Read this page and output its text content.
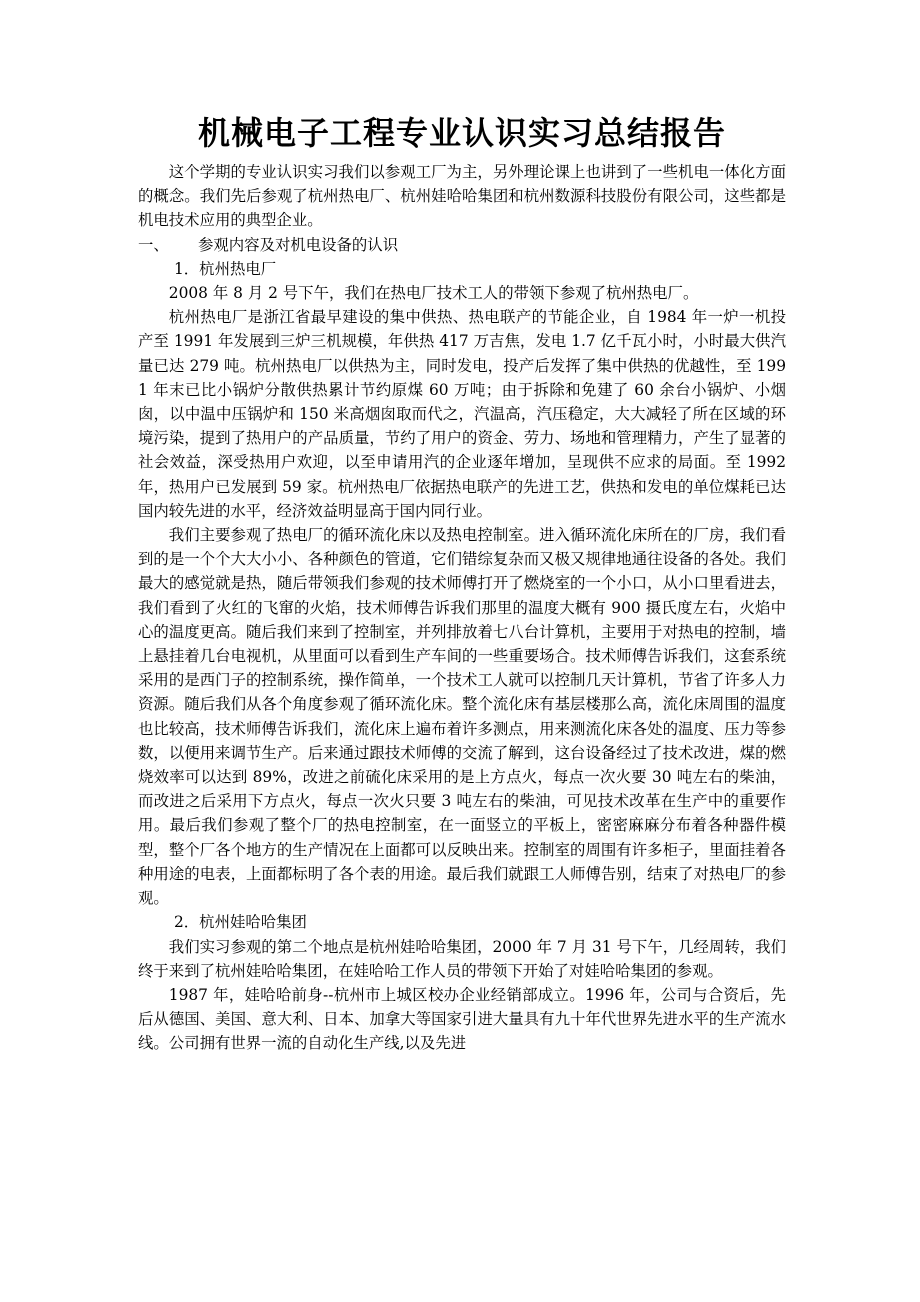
机械电子工程专业认识实习总结报告

这个学期的专业认识实习我们以参观工厂为主，另外理论课上也讲到了一些机电一体化方面的概念。我们先后参观了杭州热电厂、杭州娃哈哈集团和杭州数源科技股份有限公司，这些都是机电技术应用的典型企业。

一、	参观内容及对机电设备的认识
1．杭州热电厂

2008 年 8 月 2 号下午，我们在热电厂技术工人的带领下参观了杭州热电厂。

杭州热电厂是浙江省最早建设的集中供热、热电联产的节能企业，自 1984 年一炉一机投产至 1991 年发展到三炉三机规模，年供热 417 万吉焦，发电 1.7 亿千瓦小时，小时最大供汽量已达 279 吨。杭州热电厂以供热为主，同时发电，投产后发挥了集中供热的优越性，至 1991 年末已比小锅炉分散供热累计节约原煤 60 万吨；由于拆除和免建了 60 余台小锅炉、小烟囱，以中温中压锅炉和 150 米高烟囱取而代之，汽温高，汽压稳定，大大减轻了所在区域的环境污染，提到了热用户的产品质量，节约了用户的资金、劳力、场地和管理精力，产生了显著的社会效益，深受热用户欢迎，以至申请用汽的企业逐年增加，呈现供不应求的局面。至 1992 年，热用户已发展到 59 家。杭州热电厂依据热电联产的先进工艺，供热和发电的单位煤耗已达国内较先进的水平，经济效益明显高于国内同行业。

我们主要参观了热电厂的循环流化床以及热电控制室。进入循环流化床所在的厂房，我们看到的是一个个大大小小、各种颜色的管道，它们错综复杂而又极又规律地通往设备的各处。我们最大的感觉就是热，随后带领我们参观的技术师傅打开了燃烧室的一个小口，从小口里看进去，我们看到了火红的飞窜的火焰，技术师傅告诉我们那里的温度大概有 900 摄氏度左右，火焰中心的温度更高。随后我们来到了控制室，并列排放着七八台计算机，主要用于对热电的控制，墙上悬挂着几台电视机，从里面可以看到生产车间的一些重要场合。技术师傅告诉我们，这套系统采用的是西门子的控制系统，操作简单，一个技术工人就可以控制几天计算机，节省了许多人力资源。随后我们从各个角度参观了循环流化床。整个流化床有基层楼那么高，流化床周围的温度也比较高，技术师傅告诉我们，流化床上遍布着许多测点，用来测流化床各处的温度、压力等参数，以便用来调节生产。后来通过跟技术师傅的交流了解到，这台设备经过了技术改进，煤的燃烧效率可以达到 89%，改进之前硫化床采用的是上方点火，每点一次火要 30 吨左右的柴油，而改进之后采用下方点火，每点一次火只要 3 吨左右的柴油，可见技术改革在生产中的重要作用。最后我们参观了整个厂的热电控制室，在一面竖立的平板上，密密麻麻分布着各种器件模型，整个厂各个地方的生产情况在上面都可以反映出来。控制室的周围有许多柜子，里面挂着各种用途的电表，上面都标明了各个表的用途。最后我们就跟工人师傅告别，结束了对热电厂的参观。

2．杭州娃哈哈集团

我们实习参观的第二个地点是杭州娃哈哈集团，2000 年 7 月 31 号下午，几经周转，我们终于来到了杭州娃哈哈集团，在娃哈哈工作人员的带领下开始了对娃哈哈集团的参观。

1987 年，娃哈哈前身--杭州市上城区校办企业经销部成立。1996 年，公司与合资后，先后从德国、美国、意大利、日本、加拿大等国家引进大量具有九十年代世界先进水平的生产流水线。公司拥有世界一流的自动化生产线,以及先进
